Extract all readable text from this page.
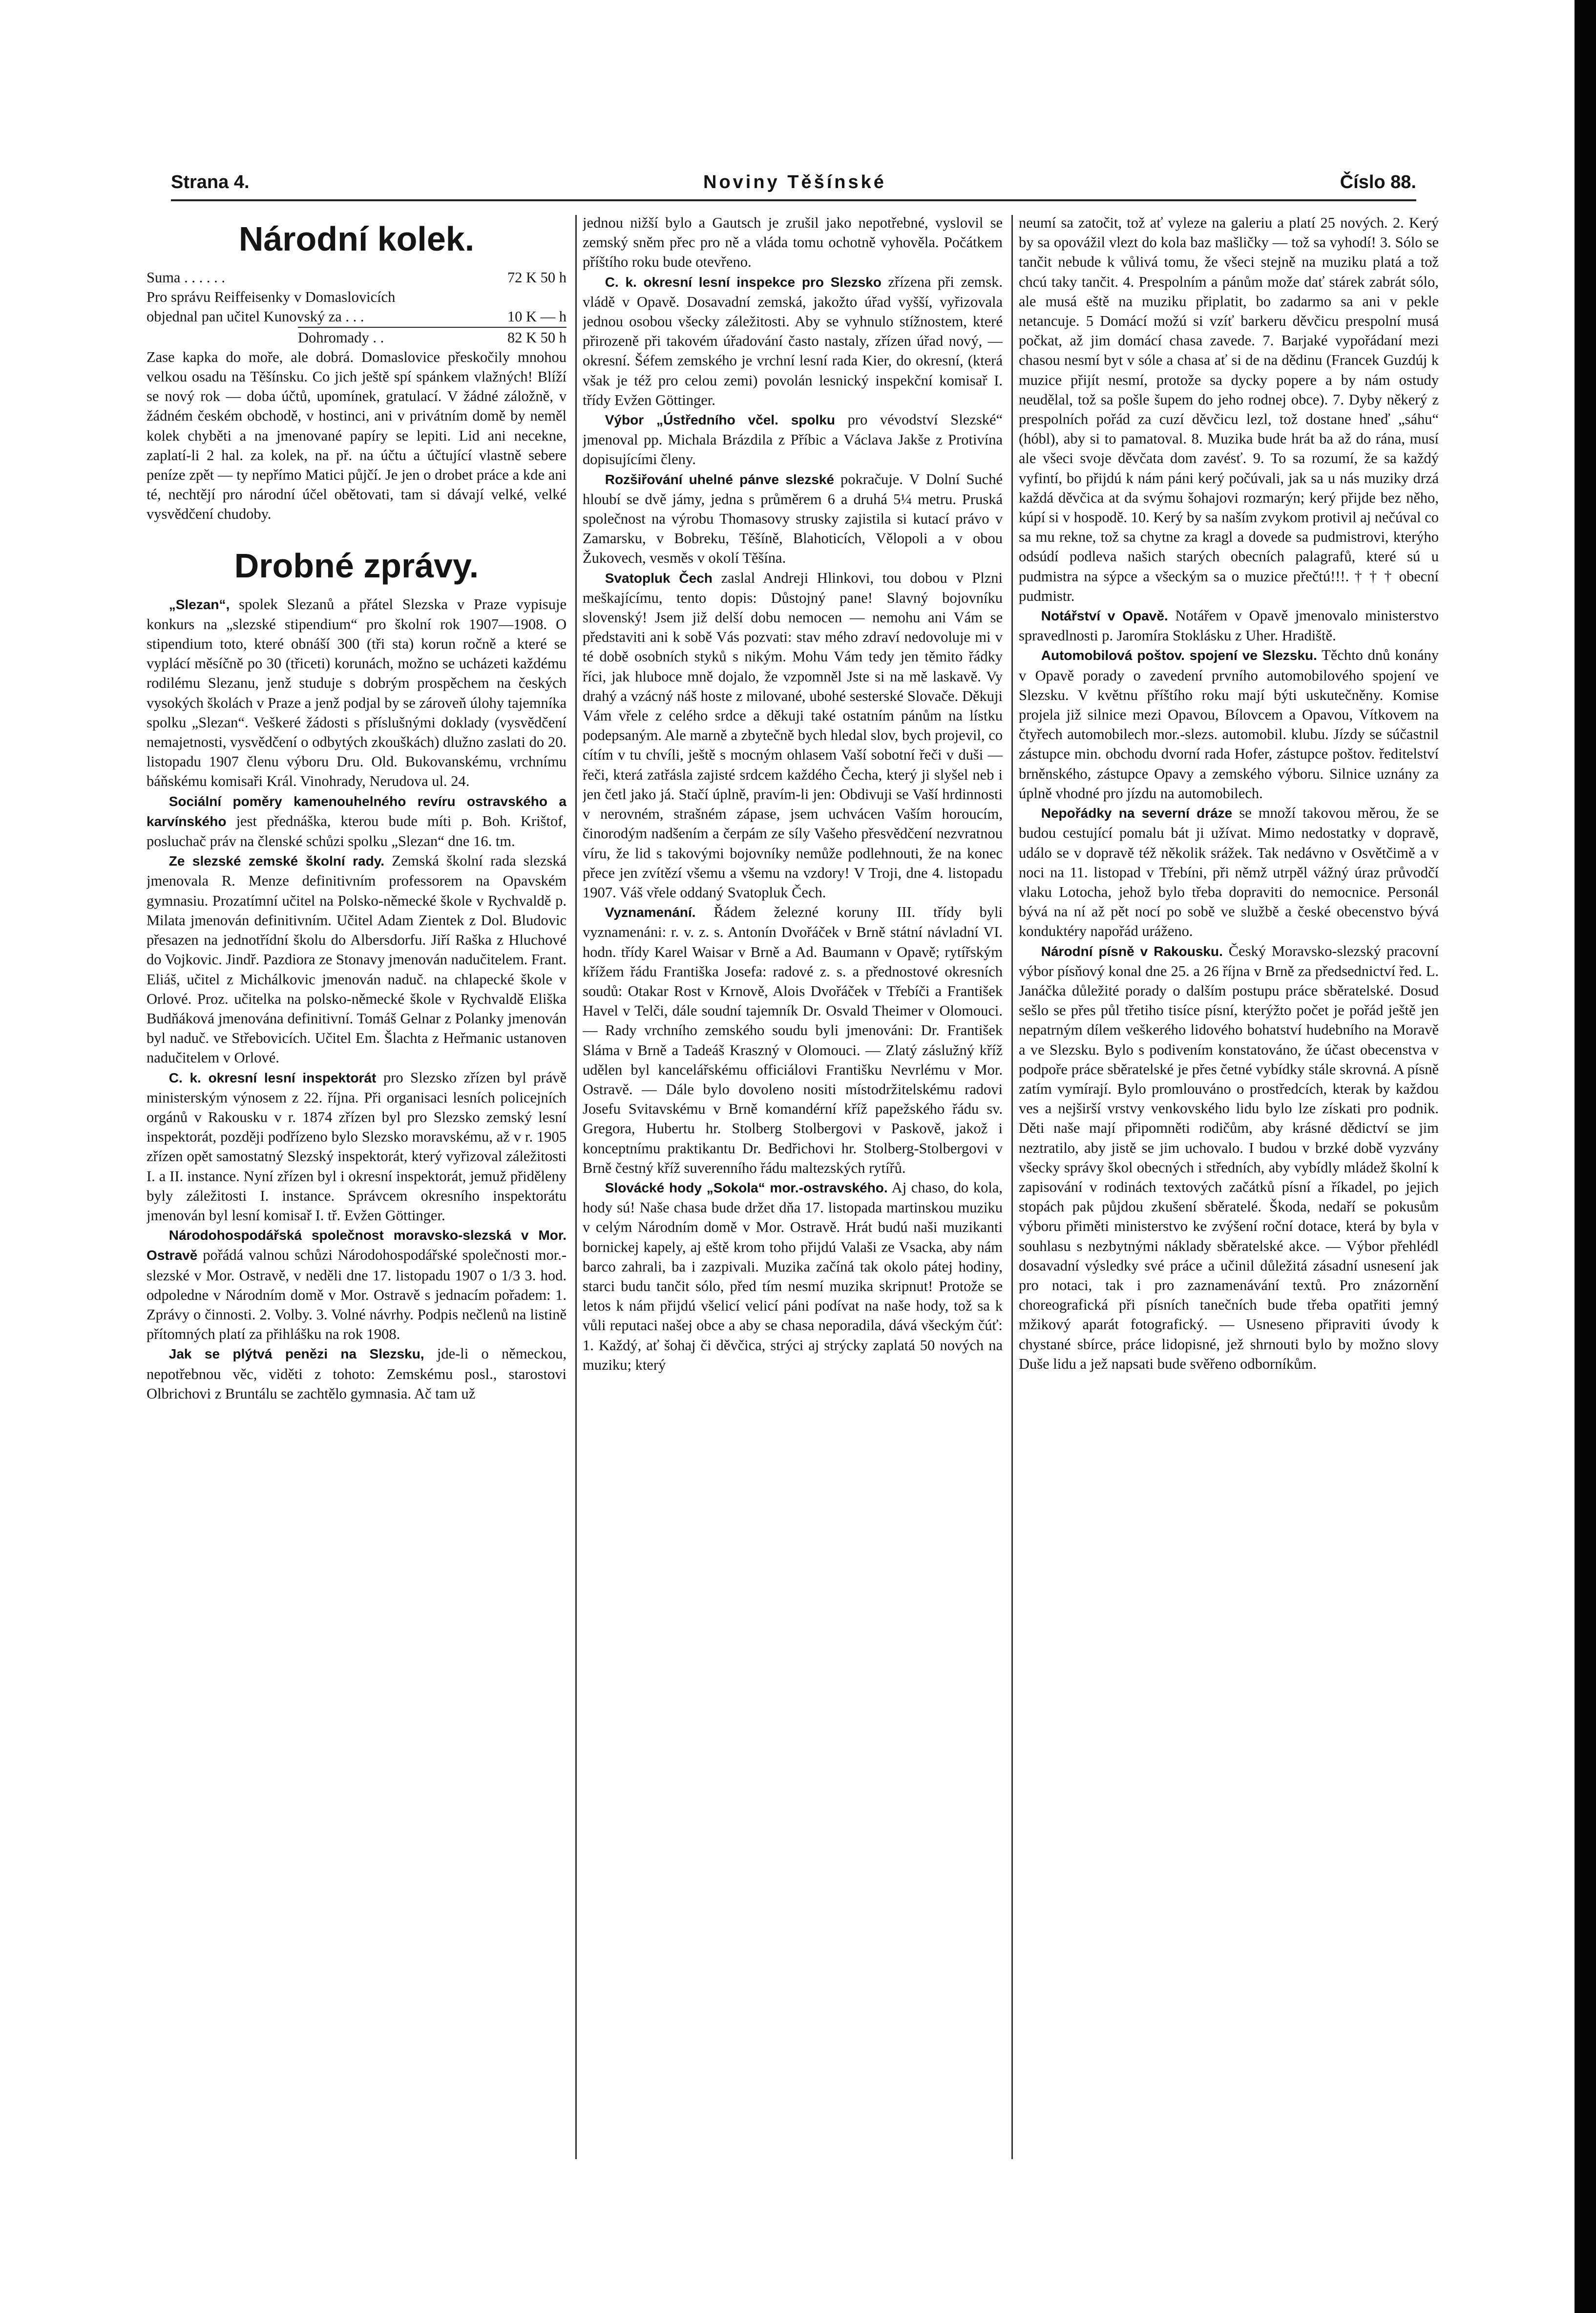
Strana 4.	Noviny Těšínské	Číslo 88.
Národní kolek.
Suma . . . . . .	72 K 50 h
Pro správu Reiffeisenky v Domaslovicích objednal pan učitel Kunovský za . . .	10 K — h
Dohromady . .	82 K 50 h

Zase kapka do moře, ale dobrá. Domaslovice přeskočily mnohou velkou osadu na Těšínsku. Co jich ještě spí spánkem vlažných! Blíží se nový rok — doba účtů, upomínek, gratulací. V žádné záložně, v žádném českém obchodě, v hostinci, ani v privátním domě by neměl kolek chyběti a na jmenované papíry se lepiti. Lid ani necekne, zaplatí-li 2 hal. za kolek, na př. na účtu a účtující vlastně sebere peníze zpět — ty nepřímo Matici půjčí. Je jen o drobet práce a kde ani té, nechtějí pro národní účel obětovati, tam si dávají velké, velké vysvědčení chudoby.

Drobné zprávy.

„Slezan“, spolek Slezanů a přátel Slezska v Praze vypisuje konkurs na „slezské stipendium“ pro školní rok 1907—1908. O stipendium toto, které obnáší 300 (tři sta) korun ročně a které se vyplácí měsíčně po 30 (třiceti) korunách, možno se ucházeti každému rodilému Slezanu, jenž studuje s dobrým prospěchem na českých vysokých školách v Praze a jenž podjal by se zároveň úlohy tajemníka spolku „Slezan“. Veškeré žádosti s příslušnými doklady (vysvědčení nemajetnosti, vysvědčení o odbytých zkouškách) dlužno zaslati do 20. listopadu 1907 členu výboru Dru. Old. Bukovanskému, vrchnímu báňskému komisaři Král. Vinohrady, Nerudova ul. 24.

Sociální poměry kamenouhelného revíru ostravského a karvínského jest přednáška, kterou bude míti p. Boh. Krištof, posluchač práv na členské schůzi spolku „Slezan“ dne 16. tm.

Ze slezské zemské školní rady. Zemská školní rada slezská jmenovala R. Menze definitivním professorem na Opavském gymnasiu. Prozatímní učitel na Polsko-německé škole v Rychvaldě p. Milata jmenován definitivním. Učitel Adam Zientek z Dol. Bludovic přesazen na jednotřídní školu do Albersdorfu. Jiří Raška z Hluchové do Vojkovic. Jindř. Pazdiora ze Stonavy jmenován nadučitelem. Frant. Eliáš, učitel z Michálkovic jmenován naduč. na chlapecké škole v Orlové. Proz. učitelka na polsko-německé škole v Rychvaldě Eliška Budňáková jmenována definitivní. Tomáš Gelnar z Polanky jmenován byl naduč. ve Střebovicích. Učitel Em. Šlachta z Heřmanic ustanoven nadučitelem v Orlové.

C. k. okresní lesní inspektorát pro Slezsko zřízen byl právě ministerským výnosem z 22. října. Při organisaci lesních policejních orgánů v Rakousku v r. 1874 zřízen byl pro Slezsko zemský lesní inspektorát, později podřízeno bylo Slezsko moravskému, až v r. 1905 zřízen opět samostatný Slezský inspektorát, který vyřizoval záležitosti I. a II. instance. Nyní zřízen byl i okresní inspektorát, jemuž přiděleny byly záležitosti I. instance. Správcem okresního inspektorátu jmenován byl lesní komisař I. tř. Evžen Göttinger.

Národohospodářská společnost moravsko-slezská v Mor. Ostravě pořádá valnou schůzi Národohospodářské společnosti mor.-slezské v Mor. Ostravě, v neděli dne 17. listopadu 1907 o 1/3 3. hod. odpoledne v Národním domě v Mor. Ostravě s jednacím pořadem: 1. Zprávy o činnosti. 2. Volby. 3. Volné návrhy. Podpis nečlenů na listině přítomných platí za přihlášku na rok 1908.

Jak se plýtvá penězi na Slezsku, jde-li o německou, nepotřebnou věc, viděti z tohoto: Zemskému posl., starostovi Olbrichovi z Bruntálu se zachtělo gymnasia. Ač tam už

jednou nižší bylo a Gautsch je zrušil jako nepotřebné, vyslovil se zemský sněm přec pro ně a vláda tomu ochotně vyhověla. Počátkem příštího roku bude otevřeno.

C. k. okresní lesní inspekce pro Slezsko zřízena při zemsk. vládě v Opavě. Dosavadní zemská, jakožto úřad vyšší, vyřizovala jednou osobou všecky záležitosti. Aby se vyhnulo stížnostem, které přirozeně při takovém úřadování často nastaly, zřízen úřad nový, — okresní. Šéfem zemského je vrchní lesní rada Kier, do okresní, (která však je též pro celou zemi) povolán lesnický inspekční komisař I. třídy Evžen Göttinger.

Výbor „Ústředního včel. spolku pro vévodství Slezské“ jmenoval pp. Michala Brázdila z Příbic a Václava Jakše z Protivína dopisujícími členy.

Rozšiřování uhelné pánve slezské pokračuje. V Dolní Suché hloubí se dvě jámy, jedna s průměrem 6 a druhá 5¼ metru. Pruská společnost na výrobu Thomasovy strusky zajistila si kutací právo v Zamarsku, v Bobreku, Těšíně, Blahoticích, Vělopoli a v obou Žukovech, vesměs v okolí Těšína.

Svatopluk Čech zaslal Andreji Hlinkovi, tou dobou v Plzni meškajícímu, tento dopis: Důstojný pane! Slavný bojovníku slovenský! Jsem již delší dobu nemocen — nemohu ani Vám se představiti ani k sobě Vás pozvati: stav mého zdraví nedovoluje mi v té době osobních styků s nikým. Mohu Vám tedy jen těmito řádky říci, jak hluboce mně dojalo, že vzpomněl Jste si na mě laskavě. Vy drahý a vzácný náš hoste z milované, ubohé sesterské Slovače. Děkuji Vám vřele z celého srdce a děkuji také ostatním pánům na lístku podepsaným. Ale marně a zbytečně bych hledal slov, bych projevil, co cítím v tu chvíli, ještě s mocným ohlasem Vaší sobotní řeči v duši — řeči, která zatřásla zajisté srdcem každého Čecha, který ji slyšel neb i jen četl jako já. Stačí úplně, pravím-li jen: Obdivuji se Vaší hrdinnosti v nerovném, strašném zápase, jsem uchvácen Vaším horoucím, činorodým nadšením a čerpám ze síly Vašeho přesvědčení nezvratnou víru, že lid s takovými bojovníky nemůže podlehnouti, že na konec přece jen zvítězí všemu a všemu na vzdory! V Troji, dne 4. listopadu 1907. Váš vřele oddaný Svatopluk Čech.

Vyznamenání. Řádem železné koruny III. třídy byli vyznamenáni: r. v. z. s. Antonín Dvořáček v Brně státní návladní VI. hodn. třídy Karel Waisar v Brně a Ad. Baumann v Opavě; rytířským křížem řádu Františka Josefa: radové z. s. a přednostové okresních soudů: Otakar Rost v Krnově, Alois Dvořáček v Třebíči a František Havel v Telči, dále soudní tajemník Dr. Osvald Theimer v Olomouci. — Rady vrchního zemského soudu byli jmenováni: Dr. František Sláma v Brně a Tadeáš Kraszný v Olomouci. — Zlatý záslužný kříž udělen byl kancelářskému officiálovi Františku Nevrlému v Mor. Ostravě. — Dále bylo dovoleno nositi místodržitelskému radovi Josefu Svitavskému v Brně komandérní kříž papežského řádu sv. Gregora, Hubertu hr. Stolberg Stolbergovi v Paskově, jakož i konceptnímu praktikantu Dr. Bedřichovi hr. Stolberg-Stolbergovi v Brně čestný kříž suverenního řádu maltezských rytířů.

Slovácké hody „Sokola“ mor.-ostravského. Aj chaso, do kola, hody sú! Naše chasa bude držet dňa 17. listopada martinskou muziku v celým Národním domě v Mor. Ostravě. Hrát budú naši muzikanti bornickej kapely, aj eště krom toho přijdú Valaši ze Vsacka, aby nám barco zahrali, ba i zazpivali. Muzika začíná tak okolo pátej hodiny, starci budu tančit sólo, před tím nesmí muzika skripnut! Protože se letos k nám přijdú všelicí velicí páni podívat na naše hody, tož sa k vůli reputaci našej obce a aby se chasa neporadila, dává všeckým čúť: 1. Každý, ať šohaj či děvčica, strýci aj strýcky zaplatá 50 nových na muziku; který

neumí sa zatočit, tož ať vyleze na galeriu a platí 25 nových. 2. Kerý by sa opovážil vlezt do kola baz mašličky — tož sa vyhodí! 3. Sólo se tančit nebude k vůlivá tomu, že všeci stejně na muziku platá a tož chcú taky tančit. 4. Prespolním a pánům može dať stárek zabrát sólo, ale musá eště na muziku připlatit, bo zadarmo sa ani v pekle netancuje. 5 Domácí možú si vzíť barkeru děvčicu prespolní musá počkat, až jim domácí chasa zavede. 7. Barjaké vypořádaní mezi chasou nesmí byt v sóle a chasa ať si de na dědinu (Francek Guzdúj k muzice přijít nesmí, protože sa dycky popere a by nám ostudy neudělal, tož sa pošle šupem do jeho rodnej obce). 7. Dyby někerý z prespolních pořád za cuzí děvčicu lezl, tož dostane hneď „sáhu“ (hóbl), aby si to pamatoval. 8. Muzika bude hrát ba až do rána, musí ale všeci svoje děvčata dom zavésť. 9. To sa rozumí, že sa každý vyfintí, bo přijdú k nám páni kerý počúvali, jak sa u nás muziky drzá každá děvčica at da svýmu šohajovi rozmarýn; kerý přijde bez něho, kúpí si v hospodě. 10. Kerý by sa naším zvykom protivil aj nečúval co sa mu rekne, tož sa chytne za kragl a dovede sa pudmistrovi, kterýho odsúdí podleva našich starých obecních palagrafů, které sú u pudmistra na sýpce a všeckým sa o muzice přečtú!!!. † † † obecní pudmistr.

Notářství v Opavě. Notářem v Opavě jmenovalo ministerstvo spravedlnosti p. Jaromíra Stoklásku z Uher. Hradiště.

Automobilová poštov. spojení ve Slezsku. Těchto dnů konány v Opavě porady o zavedení prvního automobilového spojení ve Slezsku. V květnu příštího roku mají býti uskutečněny. Komise projela již silnice mezi Opavou, Bílovcem a Opavou, Vítkovem na čtyřech automobilech mor.-slezs. automobil. klubu. Jízdy se súčastnil zástupce min. obchodu dvorní rada Hofer, zástupce poštov. ředitelství brněnského, zástupce Opavy a zemského výboru. Silnice uznány za úplně vhodné pro jízdu na automobilech.

Nepořádky na severní dráze se množí takovou měrou, že se budou cestující pomalu bát ji užívat. Mimo nedostatky v dopravě, událo se v dopravě též několik srážek. Tak nedávno v Osvětčimě a v noci na 11. listopad v Třebíni, při němž utrpěl vážný úraz průvodčí vlaku Lotocha, jehož bylo třeba dopraviti do nemocnice. Personál bývá na ní až pět nocí po sobě ve službě a české obecenstvo bývá konduktéry napořád uráženo.

Národní písně v Rakousku. Český Moravsko-slezský pracovní výbor písňový konal dne 25. a 26 října v Brně za předsednictví řed. L. Janáčka důležité porady o dalším postupu práce sběratelské. Dosud sešlo se přes půl třetiho tisíce písní, kterýžto počet je pořád ještě jen nepatrným dílem veškerého lidového bohatství hudebního na Moravě a ve Slezsku. Bylo s podivením konstatováno, že účast obecenstva v podpoře práce sběratelské je přes četné vybídky stále skrovná. A písně zatím vymírají. Bylo promlouváno o prostředcích, kterak by každou ves a nejširší vrstvy venkovského lidu bylo lze získati pro podnik. Děti naše mají připomněti rodičům, aby krásné dědictví se jim neztratilo, aby jistě se jim uchovalo. I budou v brzké době vyzvány všecky správy škol obecných i středních, aby vybídly mládež školní k zapisování v rodinách textových začátků písní a říkadel, po jejich stopách pak půjdou zkušení sběratelé. Škoda, nedaří se pokusům výboru přiměti ministerstvo ke zvýšení roční dotace, která by byla v souhlasu s nezbytnými náklady sběratelské akce. — Výbor přehlédl dosavadní výsledky své práce a učinil důležitá zásadní usnesení jak pro notaci, tak i pro zaznamenávání textů. Pro znázornění choreografická při písních tanečních bude třeba opatřiti jemný mžikový aparát fotografický. — Usneseno připraviti úvody k chystané sbírce, práce lidopisné, jež shrnouti bylo by možno slovy Duše lidu a jež napsati bude svěřeno odborníkům.
